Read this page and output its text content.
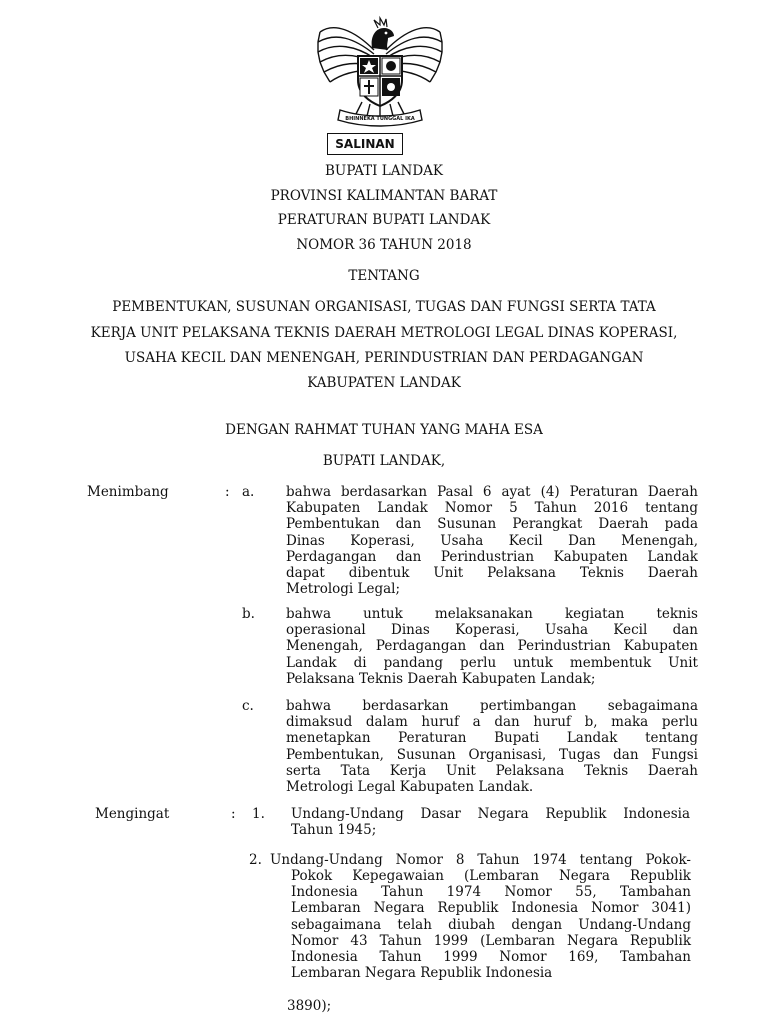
BHINNEKA TUNGGAL IKA
SALINAN
BUPATI LANDAK
PROVINSI KALIMANTAN BARAT
PERATURAN BUPATI LANDAK
NOMOR 36 TAHUN 2018
TENTANG
PEMBENTUKAN, SUSUNAN ORGANISASI, TUGAS DAN FUNGSI SERTA TATA
KERJA UNIT PELAKSANA TEKNIS DAERAH METROLOGI LEGAL DINAS KOPERASI,
USAHA KECIL DAN MENENGAH, PERINDUSTRIAN DAN PERDAGANGAN
KABUPATEN LANDAK
DENGAN RAHMAT TUHAN YANG MAHA ESA
BUPATI LANDAK,
Menimbang	: a. bahwa berdasarkan Pasal 6 ayat (4) Peraturan Daerah
Kabupaten Landak Nomor 5 Tahun 2016 tentang
Pembentukan dan Susunan Perangkat Daerah pada
Dinas Koperasi, Usaha Kecil Dan Menengah,
Perdagangan dan Perindustrian Kabupaten Landak
dapat dibentuk Unit Pelaksana Teknis Daerah
Metrologi Legal;
b. bahwa untuk melaksanakan kegiatan teknis
operasional Dinas Koperasi, Usaha Kecil dan
Menengah, Perdagangan dan Perindustrian Kabupaten
Landak di pandang perlu untuk membentuk Unit
Pelaksana Teknis Daerah Kabupaten Landak;
c. bahwa berdasarkan pertimbangan sebagaimana
dimaksud dalam huruf a dan huruf b, maka perlu
menetapkan Peraturan Bupati Landak tentang
Pembentukan, Susunan Organisasi, Tugas dan Fungsi
serta Tata Kerja Unit Pelaksana Teknis Daerah
Metrologi Legal Kabupaten Landak.
Mengingat	: 1. Undang-Undang Dasar Negara Republik Indonesia
Tahun 1945;
2. Undang-Undang Nomor 8 Tahun 1974 tentang Pokok-
Pokok Kepegawaian (Lembaran Negara Republik
Indonesia Tahun 1974 Nomor 55, Tambahan
Lembaran Negara Republik Indonesia Nomor 3041)
sebagaimana telah diubah dengan Undang-Undang
Nomor 43 Tahun 1999 (Lembaran Negara Republik
Indonesia Tahun 1999 Nomor 169, Tambahan
Lembaran Negara Republik Indonesia
3890);
